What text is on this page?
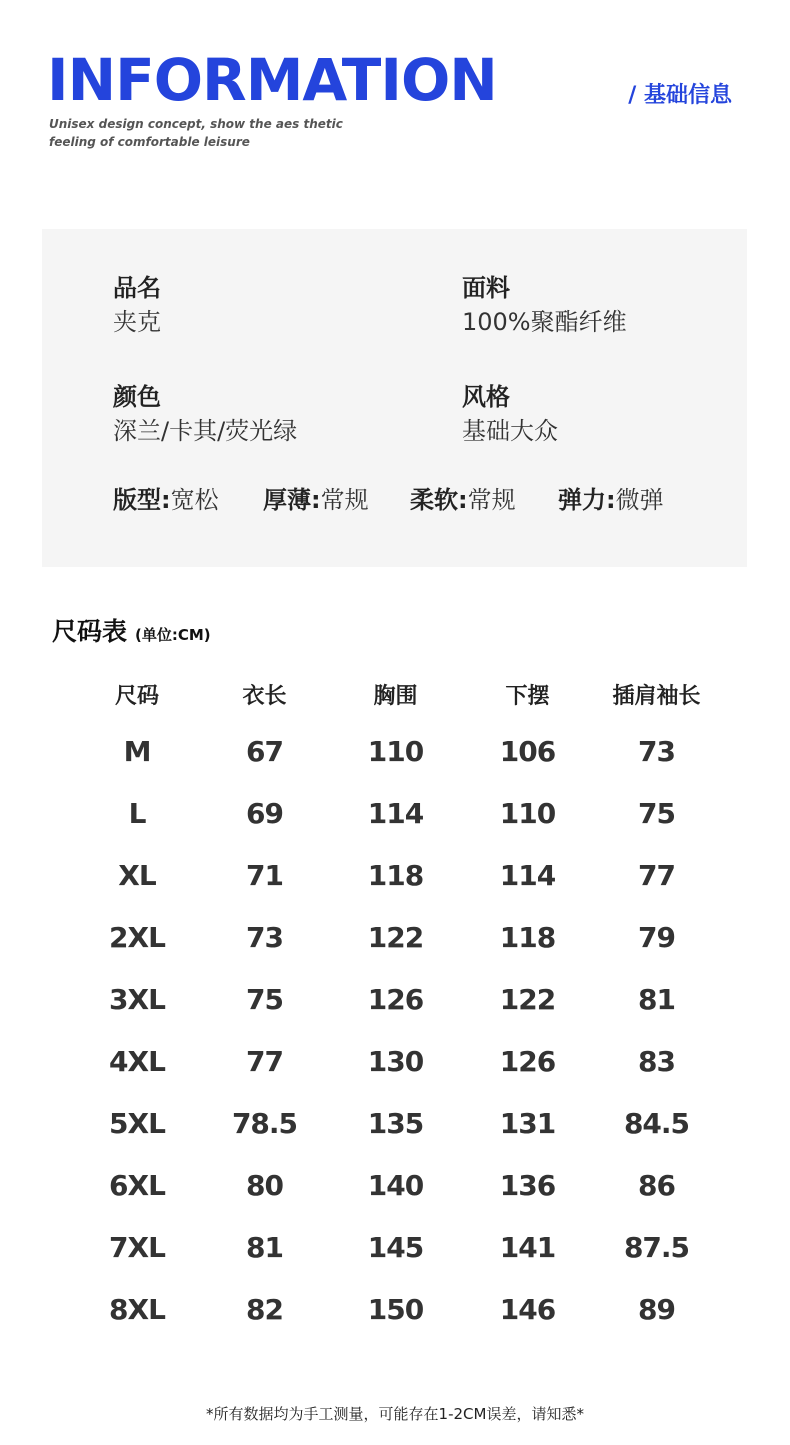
INFORMATION
Unisex design concept, show the aes thetic
feeling of comfortable leisure
/ 基础信息
品名
夹克
面料
100%聚酯纤维
颜色
深兰/卡其/荧光绿
风格
基础大众
版型:宽松 厚薄:常规 柔软:常规 弹力:微弹
尺码表 (单位:CM)
尺码	衣长	胸围	下摆	插肩袖长
M	67	110	106	73
L	69	114	110	75
XL	71	118	114	77
2XL	73	122	118	79
3XL	75	126	122	81
4XL	77	130	126	83
5XL	78.5	135	131	84.5
6XL	80	140	136	86
7XL	81	145	141	87.5
8XL	82	150	146	89
*所有数据均为手工测量，可能存在1-2CM误差，请知悉*
